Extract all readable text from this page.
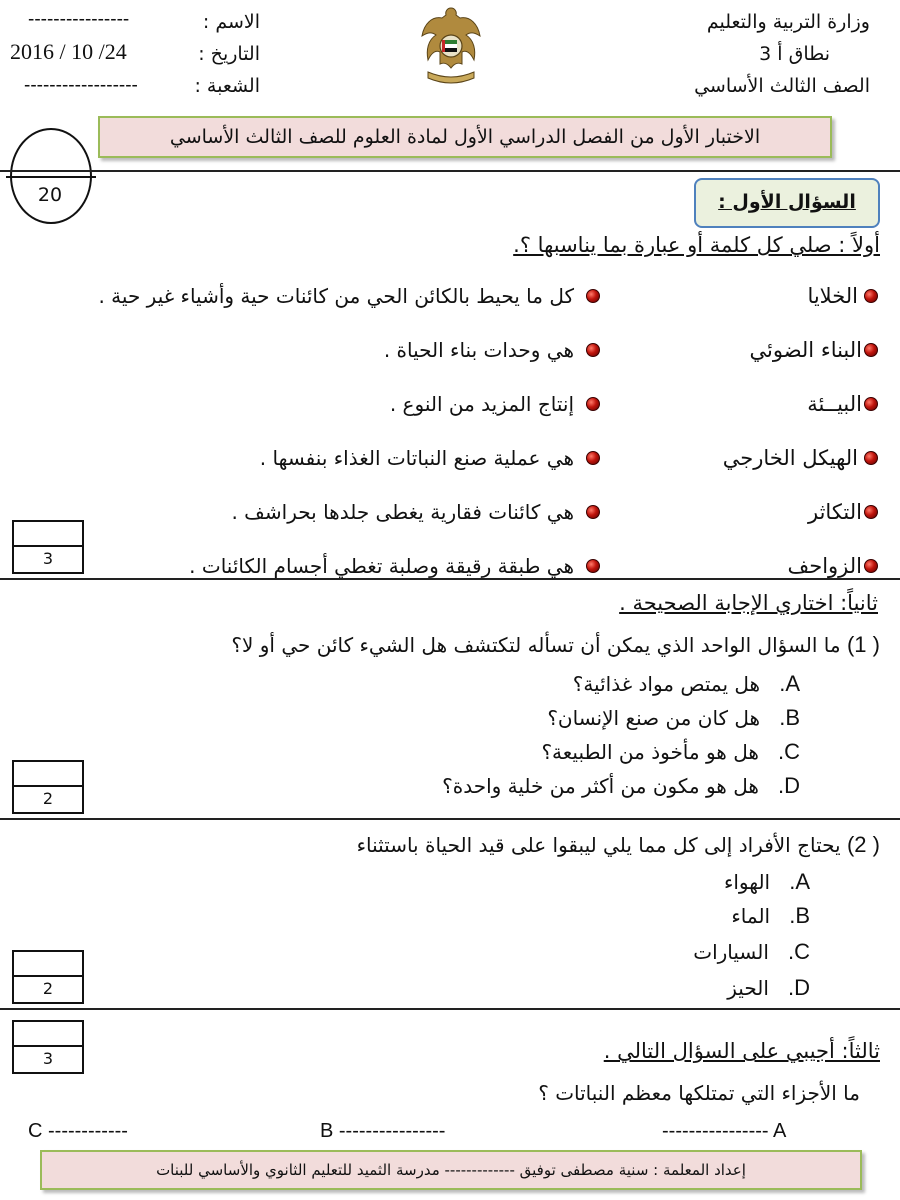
وزارة التربية والتعليم
نطاق أ 3
الصف الثالث الأساسي
الاسم :
----------------
التاريخ :
2016 / 10 /24
الشعبة :
------------------
الاختبار الأول من الفصل الدراسي الأول لمادة العلوم للصف الثالث الأساسي
20	السؤال الأول :
أولاً : صلي كل كلمة أو عبارة بما يناسبها ؟.
الخلايا
البناء الضوئي
البيــئة
الهيكل الخارجي
التكاثر
الزواحف
كل ما يحيط بالكائن الحي من كائنات حية وأشياء غير حية .
هي وحدات بناء الحياة .
إنتاج المزيد من النوع .
هي عملية صنع النباتات الغذاء بنفسها .
هي كائنات فقارية يغطى جلدها بحراشف .
هي طبقة رقيقة وصلبة تغطي أجسام الكائنات .
3
ثانياً: اختاري الإجابة الصحيحة .
( 1) ما السؤال الواحد الذي يمكن أن تسأله لتكتشف هل الشيء كائن حي أو لا؟
A.   هل يمتص مواد غذائية؟
B.   هل كان من صنع الإنسان؟
C.   هل هو مأخوذ من الطبيعة؟
D.   هل هو مكون من أكثر من خلية واحدة؟
2
( 2) يحتاج الأفراد إلى كل مما يلي ليبقوا على قيد الحياة باستثناء
A.   الهواء
B.   الماء
C.   السيارات
D.   الحيز
2
3	ثالثاً: أجيبي على السؤال التالي .
ما الأجزاء التي تمتلكها معظم النباتات ؟
A ----------------
B ----------------
C ------------
إعداد المعلمة : سنية مصطفى توفيق ------------- مدرسة الثميد للتعليم الثانوي والأساسي للبنات
